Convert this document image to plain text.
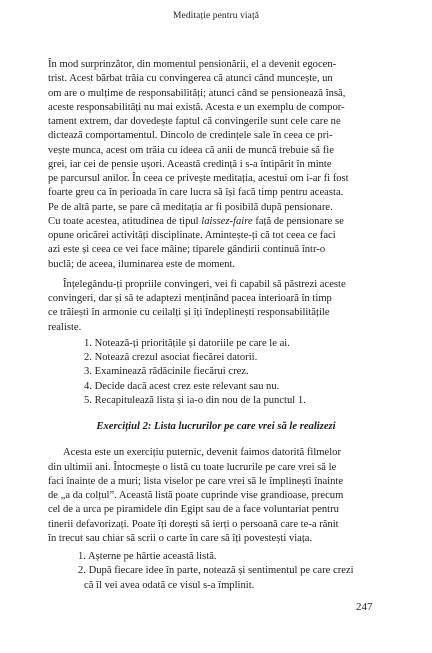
Meditație pentru viață
În mod surprinzător, din momentul pensionării, el a devenit egocen-
trist. Acest bărbat trăia cu convingerea că atunci când muncește, un
om are o mulțime de responsabilități; atunci când se pensionează însă,
aceste responsabilități nu mai există. Acesta e un exemplu de compor-
tament extrem, dar dovedește faptul că convingerile sunt cele care ne
dictează comportamentul. Dincolo de credințele sale în ceea ce pri-
vește munca, acest om trăia cu ideea că anii de muncă trebuie să fie
grei, iar cei de pensie ușori. Această credință i s-a întipărit în minte
pe parcursul anilor. În ceea ce privește meditația, acestui om i-ar fi fost
foarte greu ca în perioada în care lucra să își facă timp pentru aceasta.
Pe de altă parte, se pare că meditația ar fi posibilă după pensionare.
Cu toate acestea, atitudinea de tipul laissez-faire față de pensionare se
opune oricărei activități disciplinate. Amintește-ți că tot ceea ce faci
azi este și ceea ce vei face mâine; tiparele gândirii continuă într-o
buclă; de aceea, iluminarea este de moment.
Înțelegându-ți propriile convingeri, vei fi capabil să păstrezi aceste
convingeri, dar și să te adaptezi menținând pacea interioară în timp
ce trăiești în armonie cu ceilalți și îți îndeplinești responsabilitățile
realiste.
1. Notează-ți prioritățile și datoriile pe care le ai.
2. Notează crezul asociat fiecărei datorii.
3. Examinează rădăcinile fiecărui crez.
4. Decide dacă acest crez este relevant sau nu.
5. Recapitulează lista și ia-o din nou de la punctul 1.
Exercițiul 2: Lista lucrurilor pe care vrei să le realizezi
Acesta este un exercițiu puternic, devenit faimos datorită filmelor
din ultimii ani. Întocmește o listă cu toate lucrurile pe care vrei să le
faci înainte de a muri; lista viselor pe care vrei să le împlinești înainte
de „a da colțul”. Această listă poate cuprinde vise grandioase, precum
cel de a urca pe piramidele din Egipt sau de a face voluntariat pentru
tinerii defavorizați. Poate îți dorești să ierți o persoană care te-a rănit
în trecut sau chiar să scrii o carte în care să îți povestești viața.
1. Așterne pe hârtie această listă.
2. După fiecare idee în parte, notează și sentimentul pe care crezi
că îl vei avea odată ce visul s-a împlinit.
247
